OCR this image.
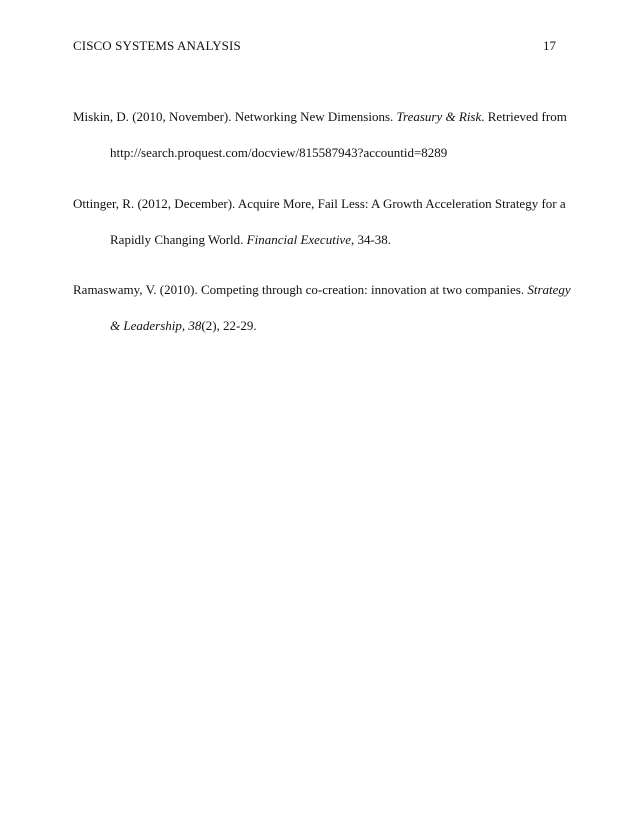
CISCO SYSTEMS ANALYSIS	17
Miskin, D. (2010, November). Networking New Dimensions. Treasury & Risk. Retrieved from
http://search.proquest.com/docview/815587943?accountid=8289
Ottinger, R. (2012, December). Acquire More, Fail Less: A Growth Acceleration Strategy for a
Rapidly Changing World. Financial Executive, 34-38.
Ramaswamy, V. (2010). Competing through co-creation: innovation at two companies. Strategy
& Leadership, 38(2), 22-29.
